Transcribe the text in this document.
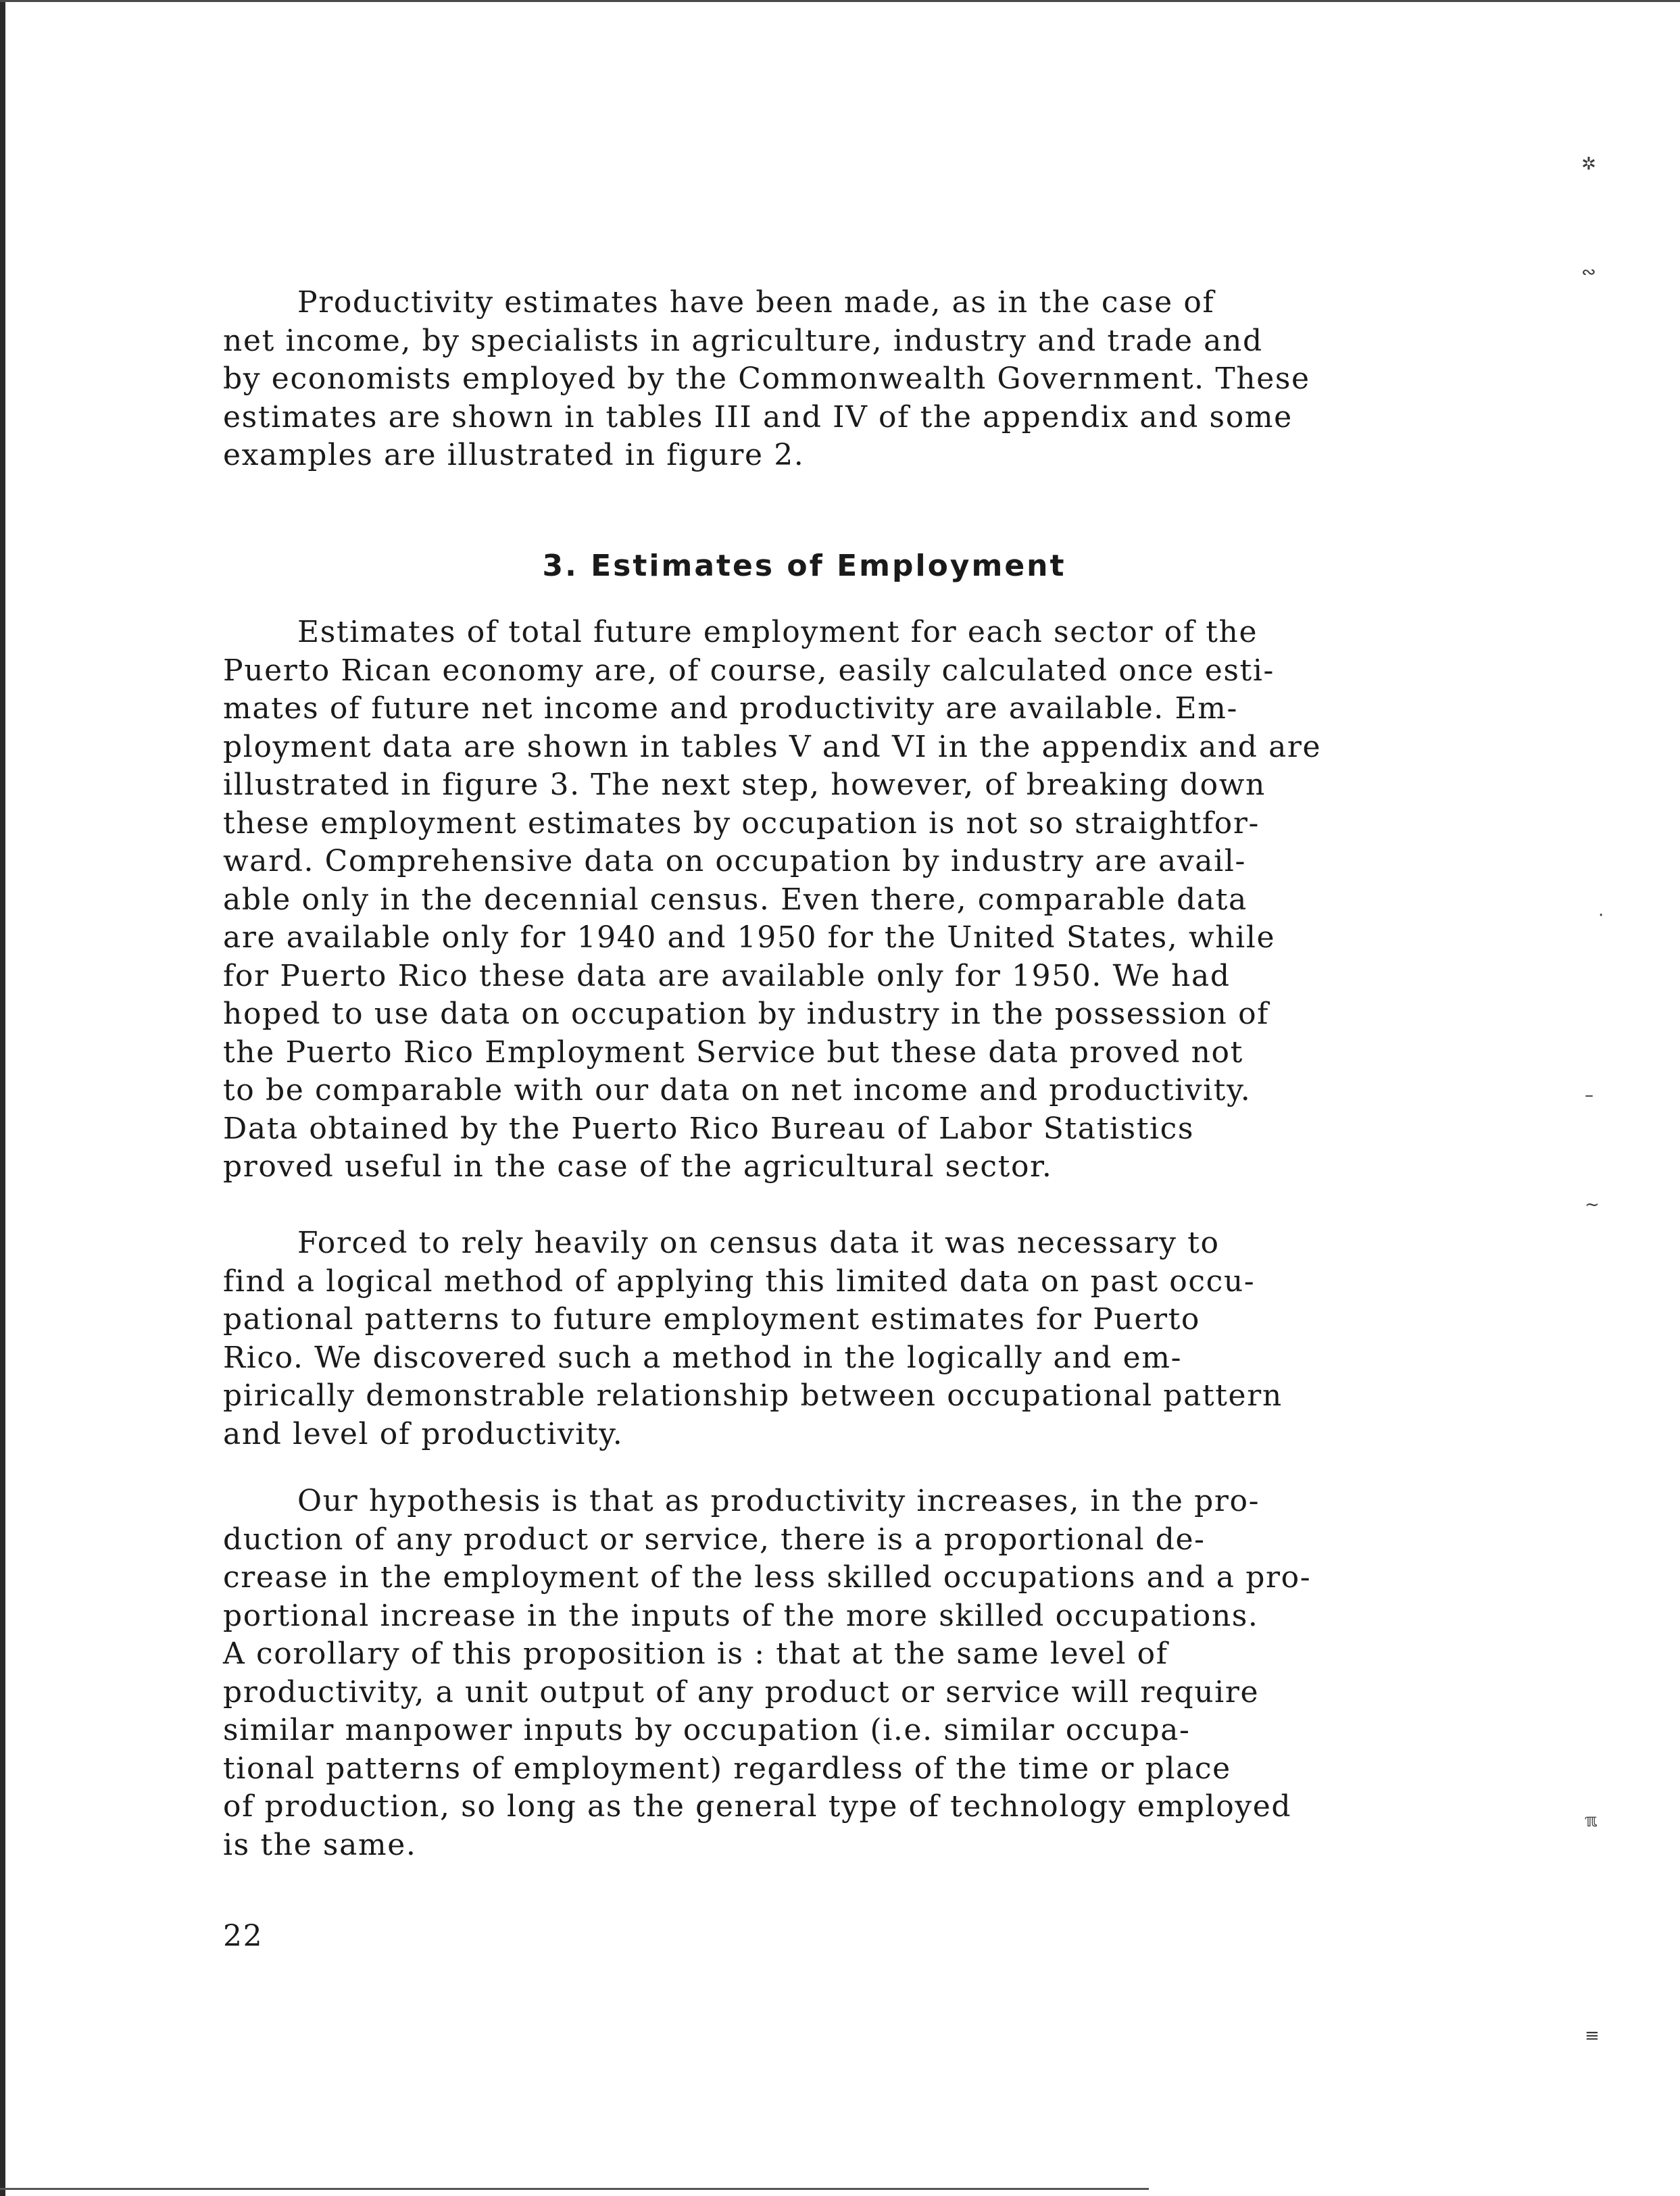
✲
∾
·
–
~
ℼ
≡
Productivity estimates have been made, as in the case of
net income, by specialists in agriculture, industry and trade and
by economists employed by the Commonwealth Government. These
estimates are shown in tables III and IV of the appendix and some
examples are illustrated in figure 2.
3. Estimates of Employment
Estimates of total future employment for each sector of the
Puerto Rican economy are, of course, easily calculated once esti-
mates of future net income and productivity are available. Em-
ployment data are shown in tables V and VI in the appendix and are
illustrated in figure 3. The next step, however, of breaking down
these employment estimates by occupation is not so straightfor-
ward. Comprehensive data on occupation by industry are avail-
able only in the decennial census. Even there, comparable data
are available only for 1940 and 1950 for the United States, while
for Puerto Rico these data are available only for 1950. We had
hoped to use data on occupation by industry in the possession of
the Puerto Rico Employment Service but these data proved not
to be comparable with our data on net income and productivity.
Data obtained by the Puerto Rico Bureau of Labor Statistics
proved useful in the case of the agricultural sector.
Forced to rely heavily on census data it was necessary to
find a logical method of applying this limited data on past occu-
pational patterns to future employment estimates for Puerto
Rico. We discovered such a method in the logically and em-
pirically demonstrable relationship between occupational pattern
and level of productivity.
Our hypothesis is that as productivity increases, in the pro-
duction of any product or service, there is a proportional de-
crease in the employment of the less skilled occupations and a pro-
portional increase in the inputs of the more skilled occupations.
A corollary of this proposition is : that at the same level of
productivity, a unit output of any product or service will require
similar manpower inputs by occupation (i.e. similar occupa-
tional patterns of employment) regardless of the time or place
of production, so long as the general type of technology employed
is the same.
22
